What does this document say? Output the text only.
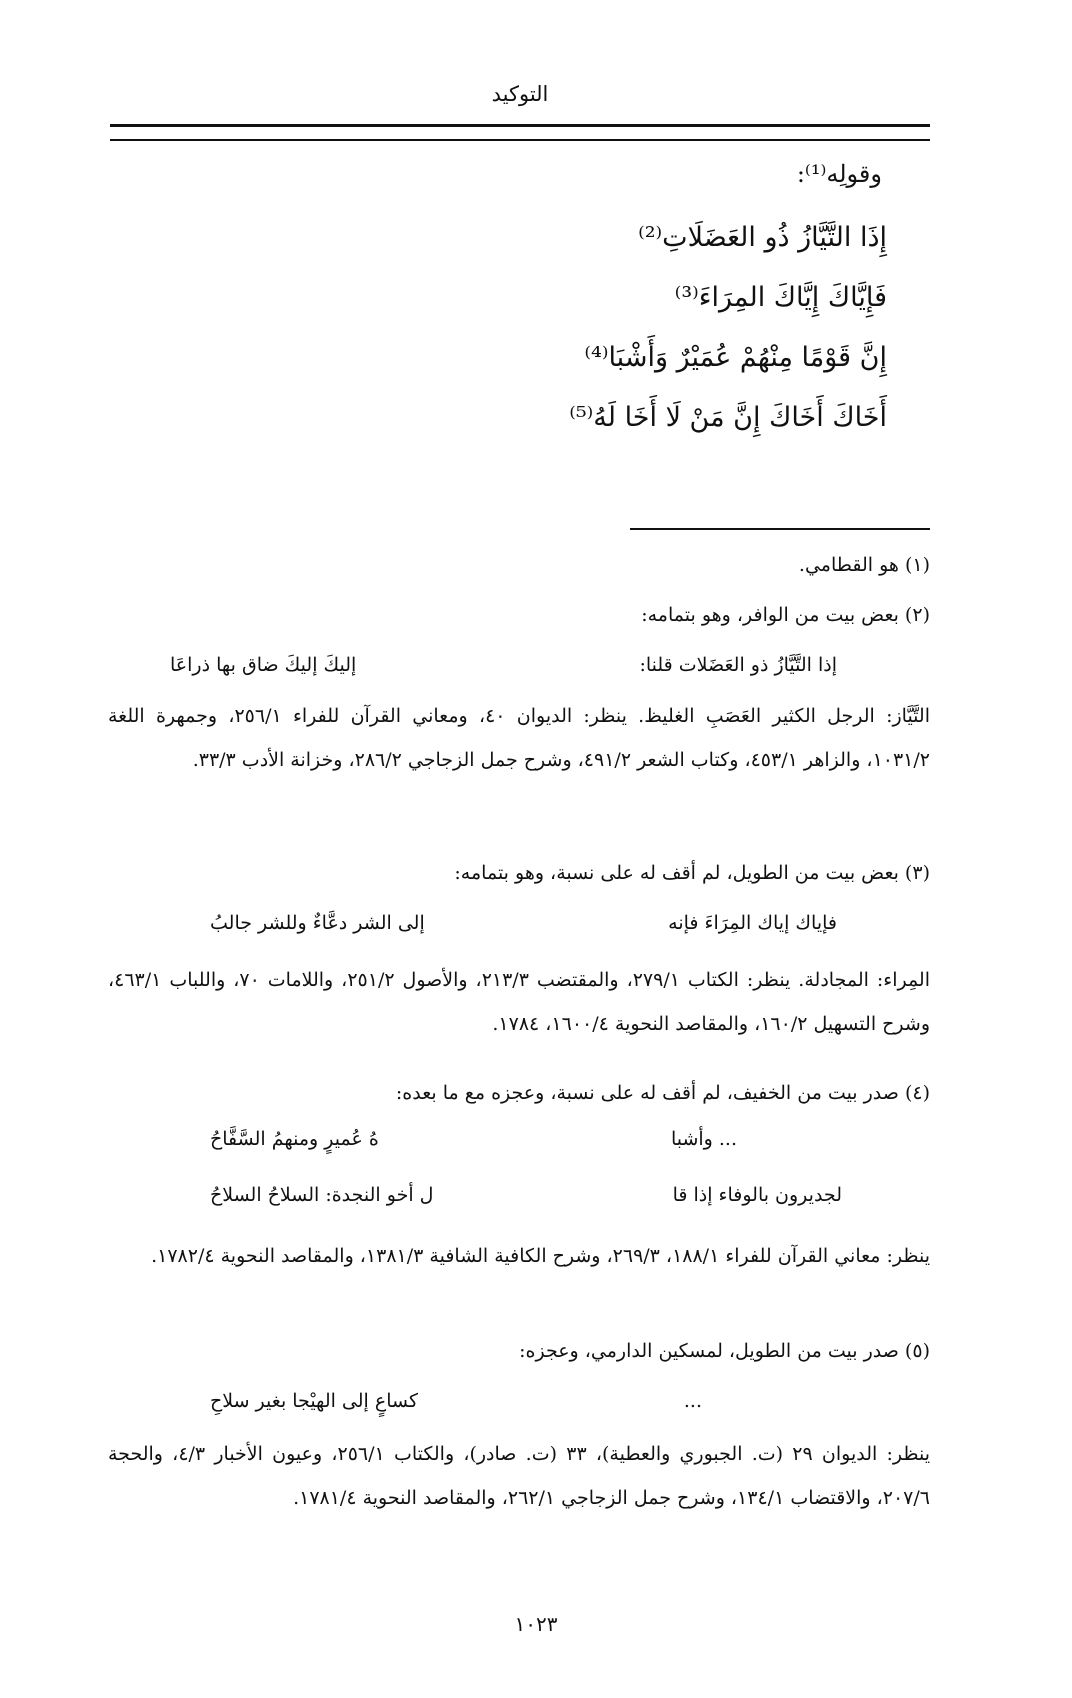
التوكيد
وقولِه⁽¹⁾:
إِذَا التَّيَّازُ ذُو العَضَلَاتِ⁽²⁾
فَإِيَّاكَ إِيَّاكَ المِرَاءَ⁽³⁾
إِنَّ قَوْمًا مِنْهُمْ عُمَيْرٌ وَأَشْبَا⁽⁴⁾
أَخَاكَ أَخَاكَ إِنَّ مَنْ لَا أَخَا لَهُ⁽⁵⁾
(١) هو القطامي.
(٢) بعض بيت من الوافر، وهو بتمامه:
إذا التَّيَّازُ ذو العَضَلات قلنا:
إليكَ إليكَ ضاق بها ذراعَا
التَّيَّاز: الرجل الكثير العَصَبِ الغليظ. ينظر: الديوان ٤٠، ومعاني القرآن للفراء ٢٥٦/١، وجمهرة اللغة ١٠٣١/٢، والزاهر ٤٥٣/١، وكتاب الشعر ٤٩١/٢، وشرح جمل الزجاجي ٢٨٦/٢، وخزانة الأدب ٣٣/٣.
(٣) بعض بيت من الطويل، لم أقف له على نسبة، وهو بتمامه:
فإياك إياك المِرَاءَ فإنه
إلى الشر دعَّاءٌ وللشر جالبُ
المِراء: المجادلة. ينظر: الكتاب ٢٧٩/١، والمقتضب ٢١٣/٣، والأصول ٢٥١/٢، واللامات ٧٠، واللباب ٤٦٣/١، وشرح التسهيل ١٦٠/٢، والمقاصد النحوية ١٦٠٠/٤، ١٧٨٤.
(٤) صدر بيت من الخفيف، لم أقف له على نسبة، وعجزه مع ما بعده:
... وأشبا
هُ عُميرٍ ومنهمُ السَّفَّاحُ
لجديرون بالوفاء إذا قا
ل أخو النجدة: السلاحُ السلاحُ
ينظر: معاني القرآن للفراء ١٨٨/١، ٢٦٩/٣، وشرح الكافية الشافية ١٣٨١/٣، والمقاصد النحوية ١٧٨٢/٤.
(٥) صدر بيت من الطويل، لمسكين الدارمي، وعجزه:
...
كساعٍ إلى الهيْجا بغير سلاحِ
ينظر: الديوان ٢٩ (ت. الجبوري والعطية)، ٣٣ (ت. صادر)، والكتاب ٢٥٦/١، وعيون الأخبار ٤/٣، والحجة ٢٠٧/٦، والاقتضاب ١٣٤/١، وشرح جمل الزجاجي ٢٦٢/١، والمقاصد النحوية ١٧٨١/٤.
١٠٢٣
